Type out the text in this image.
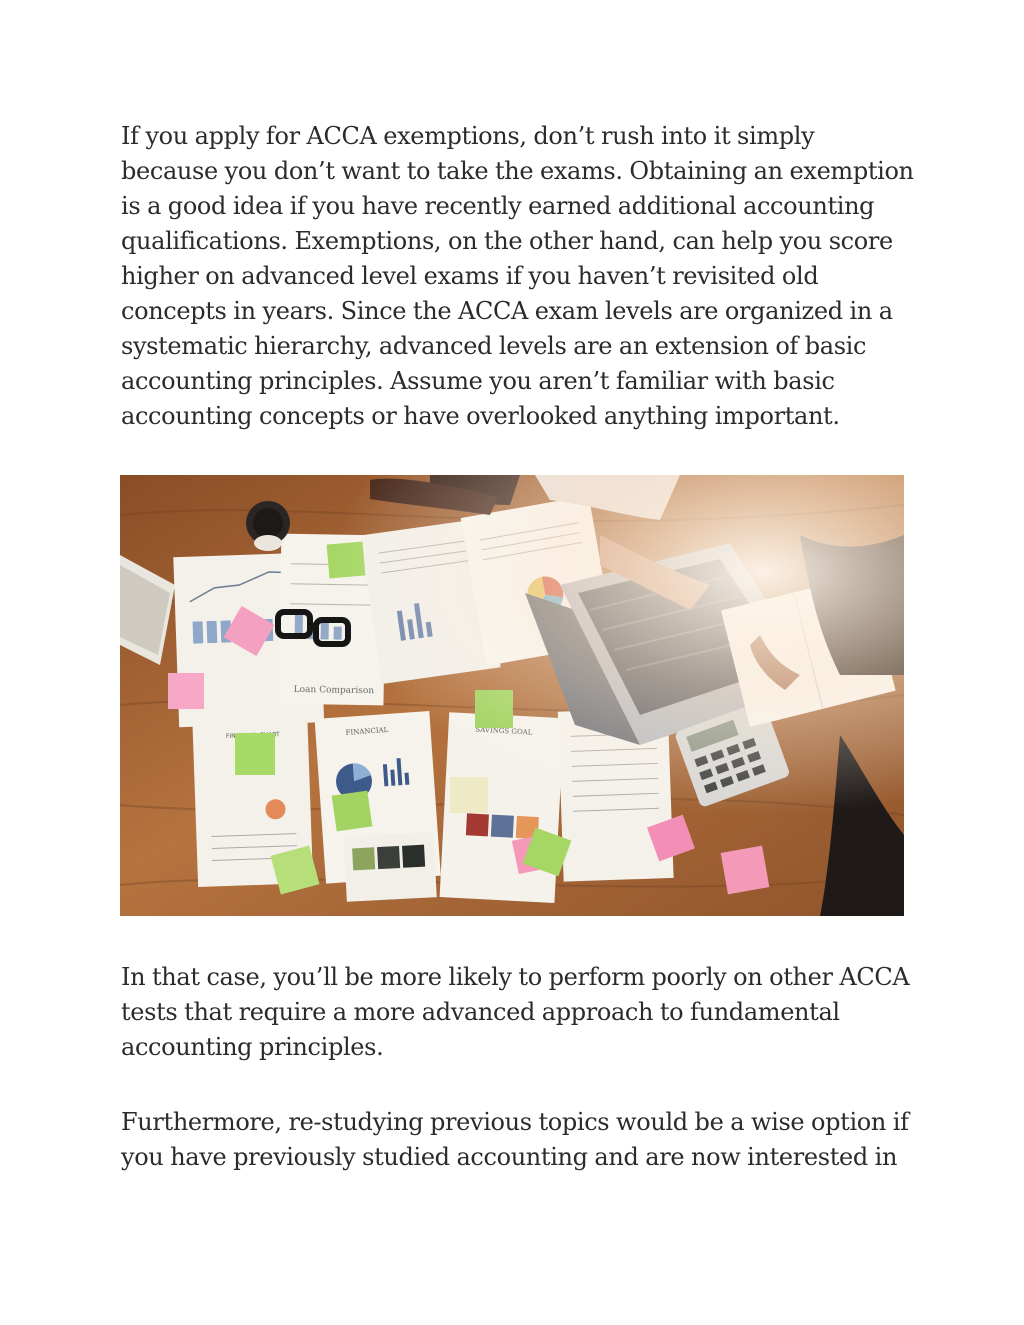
If you apply for ACCA exemptions, don’t rush into it simply
because you don’t want to take the exams. Obtaining an exemption
is a good idea if you have recently earned additional accounting
qualifications. Exemptions, on the other hand, can help you score
higher on advanced level exams if you haven’t revisited old
concepts in years. Since the ACCA exam levels are organized in a
systematic hierarchy, advanced levels are an extension of basic
accounting principles. Assume you aren’t familiar with basic
accounting concepts or have overlooked anything important.
In that case, you’ll be more likely to perform poorly on other ACCA
tests that require a more advanced approach to fundamental
accounting principles.
Furthermore, re-studying previous topics would be a wise option if
you have previously studied accounting and are now interested in
